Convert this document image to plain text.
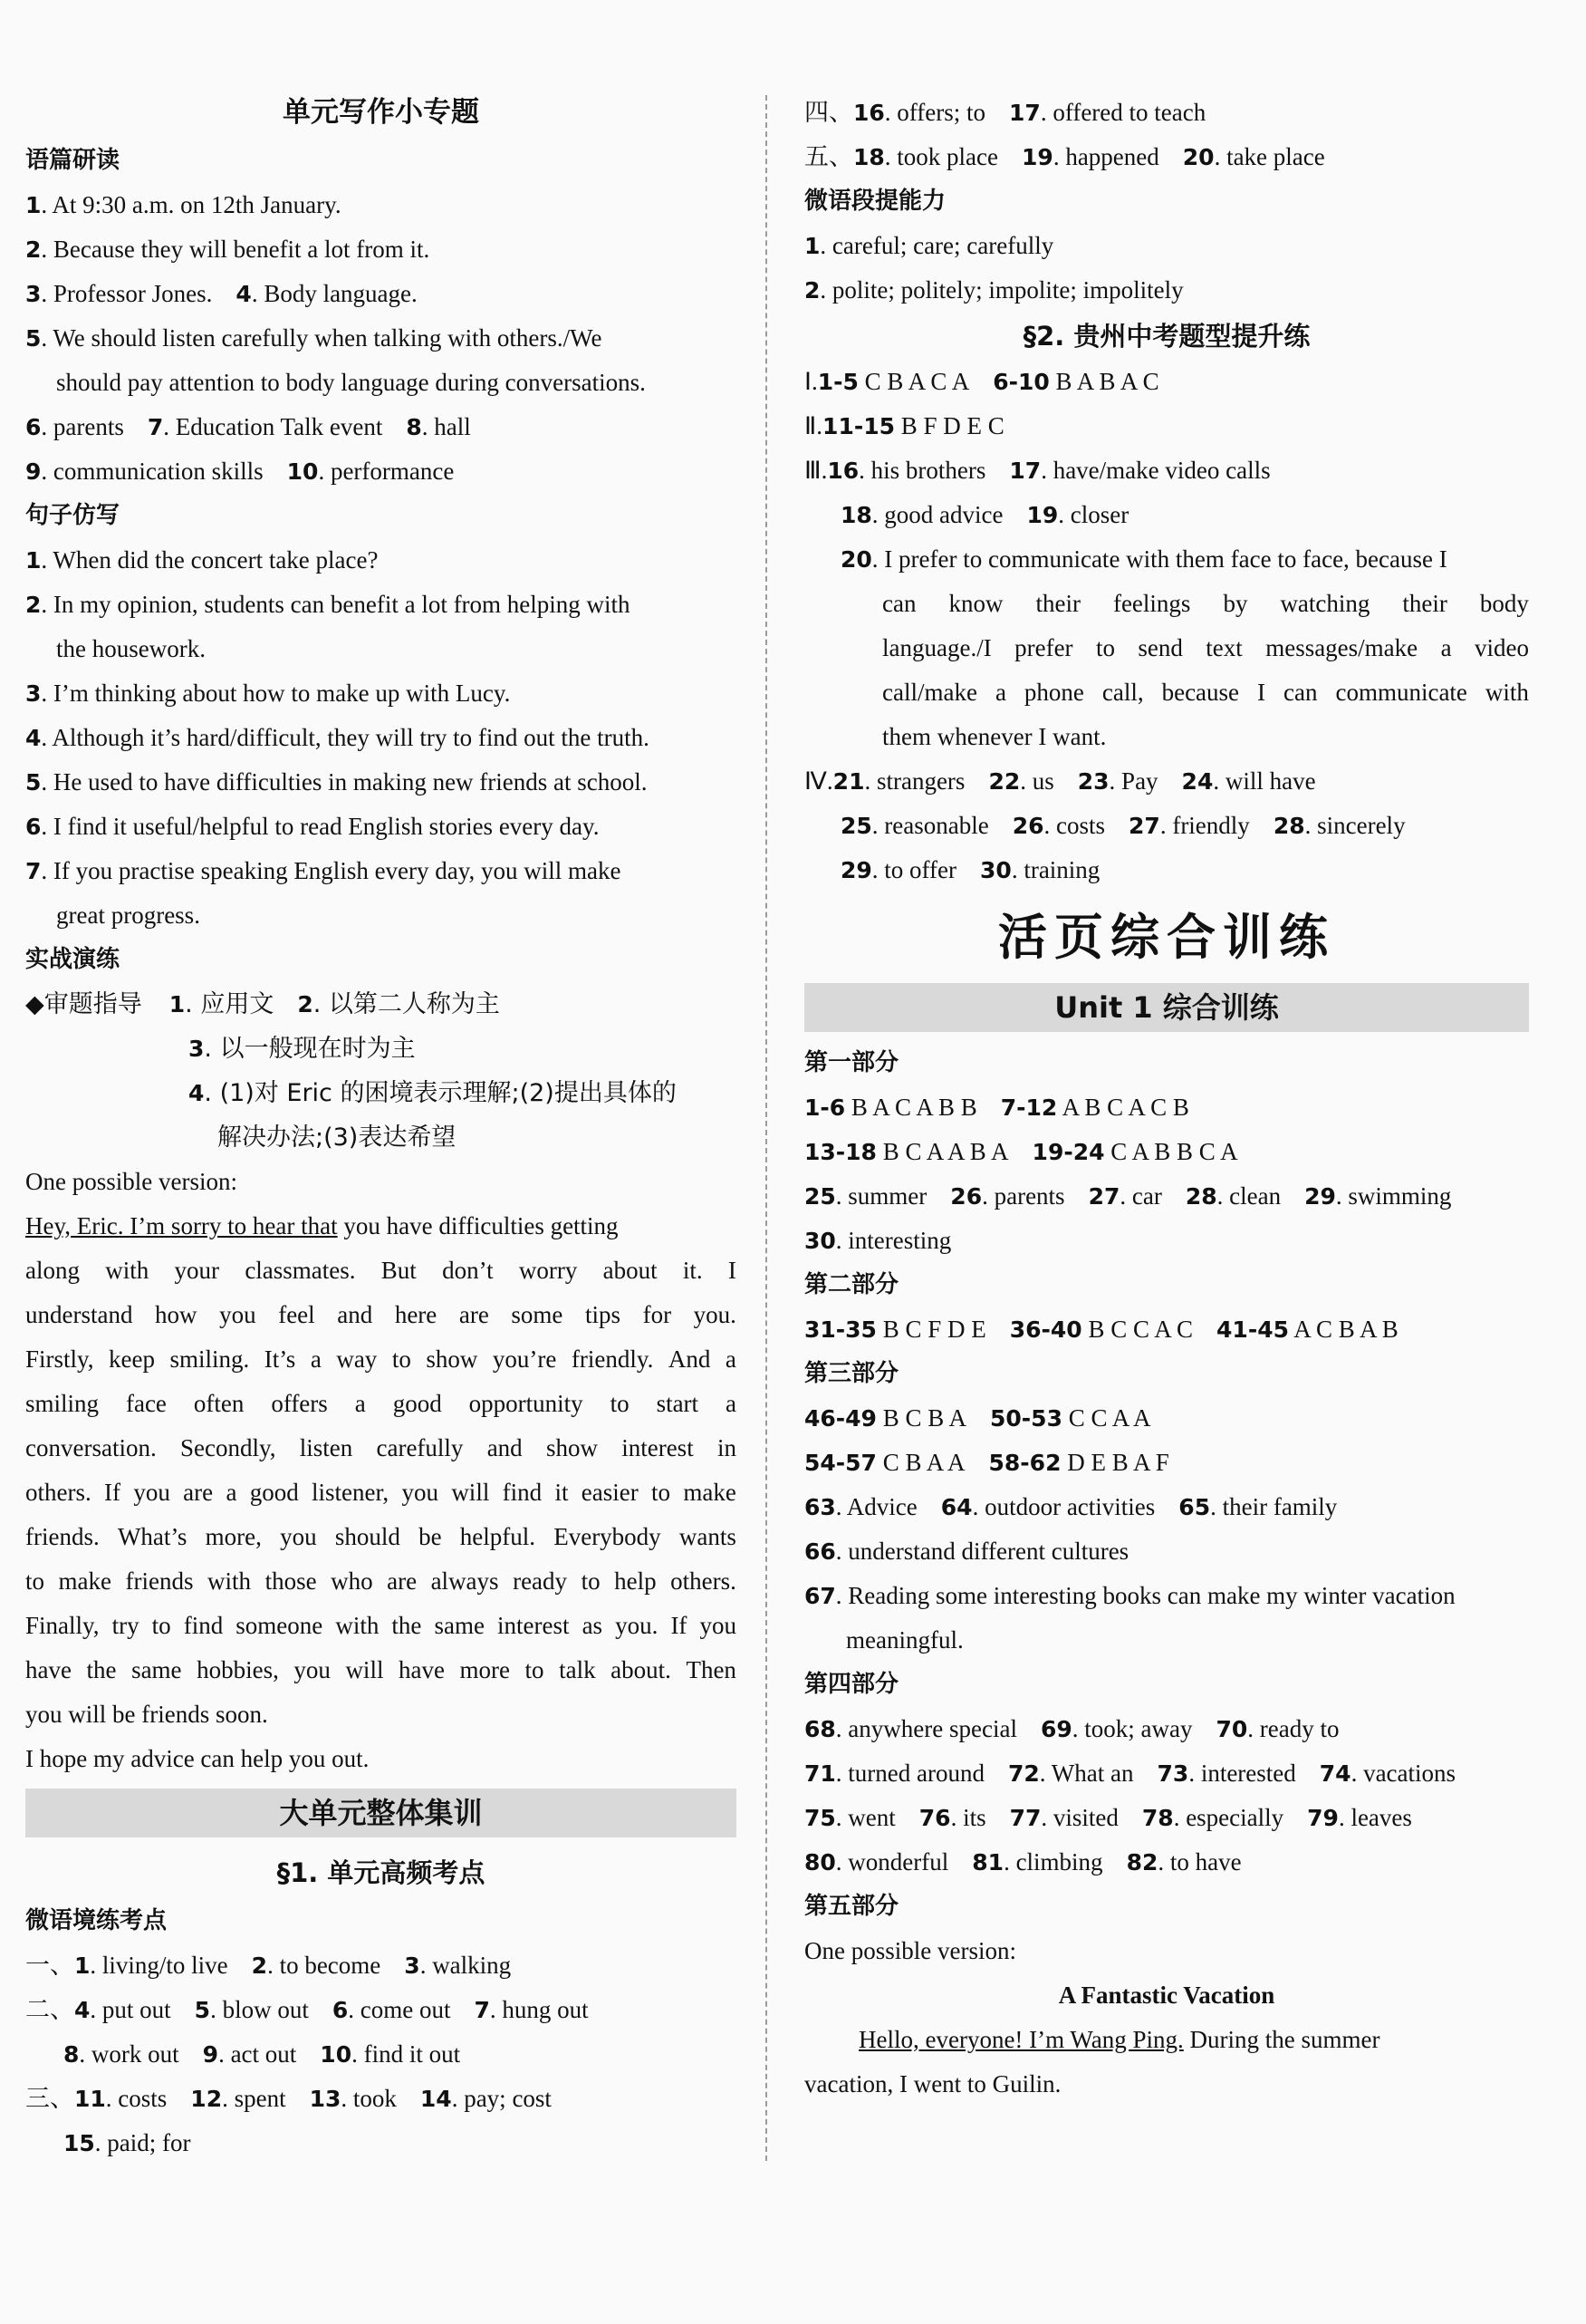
单元写作小专题
语篇研读
1. At 9:30 a.m. on 12th January.
2. Because they will benefit a lot from it.
3. Professor Jones. 4. Body language.
5. We should listen carefully when talking with others./We
should pay attention to body language during conversations.
6. parents 7. Education Talk event 8. hall
9. communication skills 10. performance
句子仿写
1. When did the concert take place?
2. In my opinion, students can benefit a lot from helping with
the housework.
3. I’m thinking about how to make up with Lucy.
4. Although it’s hard/difficult, they will try to find out the truth.
5. He used to have difficulties in making new friends at school.
6. I find it useful/helpful to read English stories every day.
7. If you practise speaking English every day, you will make
great progress.
实战演练
◆审题指导 1. 应用文 2. 以第二人称为主
3. 以一般现在时为主
4. (1)对 Eric 的困境表示理解;(2)提出具体的
解决办法;(3)表达希望
One possible version:
Hey, Eric. I’m sorry to hear that you have difficulties getting
along with your classmates. But don’t worry about it. I
understand how you feel and here are some tips for you.
Firstly, keep smiling. It’s a way to show you’re friendly. And a
smiling face often offers a good opportunity to start a
conversation. Secondly, listen carefully and show interest in
others. If you are a good listener, you will find it easier to make
friends. What’s more, you should be helpful. Everybody wants
to make friends with those who are always ready to help others.
Finally, try to find someone with the same interest as you. If you
have the same hobbies, you will have more to talk about. Then
you will be friends soon.
I hope my advice can help you out.
大单元整体集训
§1. 单元高频考点
微语境练考点
一、1. living/to live 2. to become 3. walking
二、4. put out 5. blow out 6. come out 7. hung out
8. work out 9. act out 10. find it out
三、11. costs 12. spent 13. took 14. pay; cost
15. paid; for
四、16. offers; to 17. offered to teach
五、18. took place 19. happened 20. take place
微语段提能力
1. careful; care; carefully
2. polite; politely; impolite; impolitely
§2. 贵州中考题型提升练
Ⅰ.1-5 C B A C A 6-10 B A B A C
Ⅱ.11-15 B F D E C
Ⅲ.16. his brothers 17. have/make video calls
18. good advice 19. closer
20. I prefer to communicate with them face to face, because I
can know their feelings by watching their body
language./I prefer to send text messages/make a video
call/make a phone call, because I can communicate with
them whenever I want.
Ⅳ.21. strangers 22. us 23. Pay 24. will have
25. reasonable 26. costs 27. friendly 28. sincerely
29. to offer 30. training
活页综合训练
Unit 1 综合训练
第一部分
1-6 B A C A B B 7-12 A B C A C B
13-18 B C A A B A 19-24 C A B B C A
25. summer 26. parents 27. car 28. clean 29. swimming
30. interesting
第二部分
31-35 B C F D E 36-40 B C C A C 41-45 A C B A B
第三部分
46-49 B C B A 50-53 C C A A
54-57 C B A A 58-62 D E B A F
63. Advice 64. outdoor activities 65. their family
66. understand different cultures
67. Reading some interesting books can make my winter vacation
meaningful.
第四部分
68. anywhere special 69. took; away 70. ready to
71. turned around 72. What an 73. interested 74. vacations
75. went 76. its 77. visited 78. especially 79. leaves
80. wonderful 81. climbing 82. to have
第五部分
One possible version:
A Fantastic Vacation
Hello, everyone! I’m Wang Ping. During the summer
vacation, I went to Guilin.
